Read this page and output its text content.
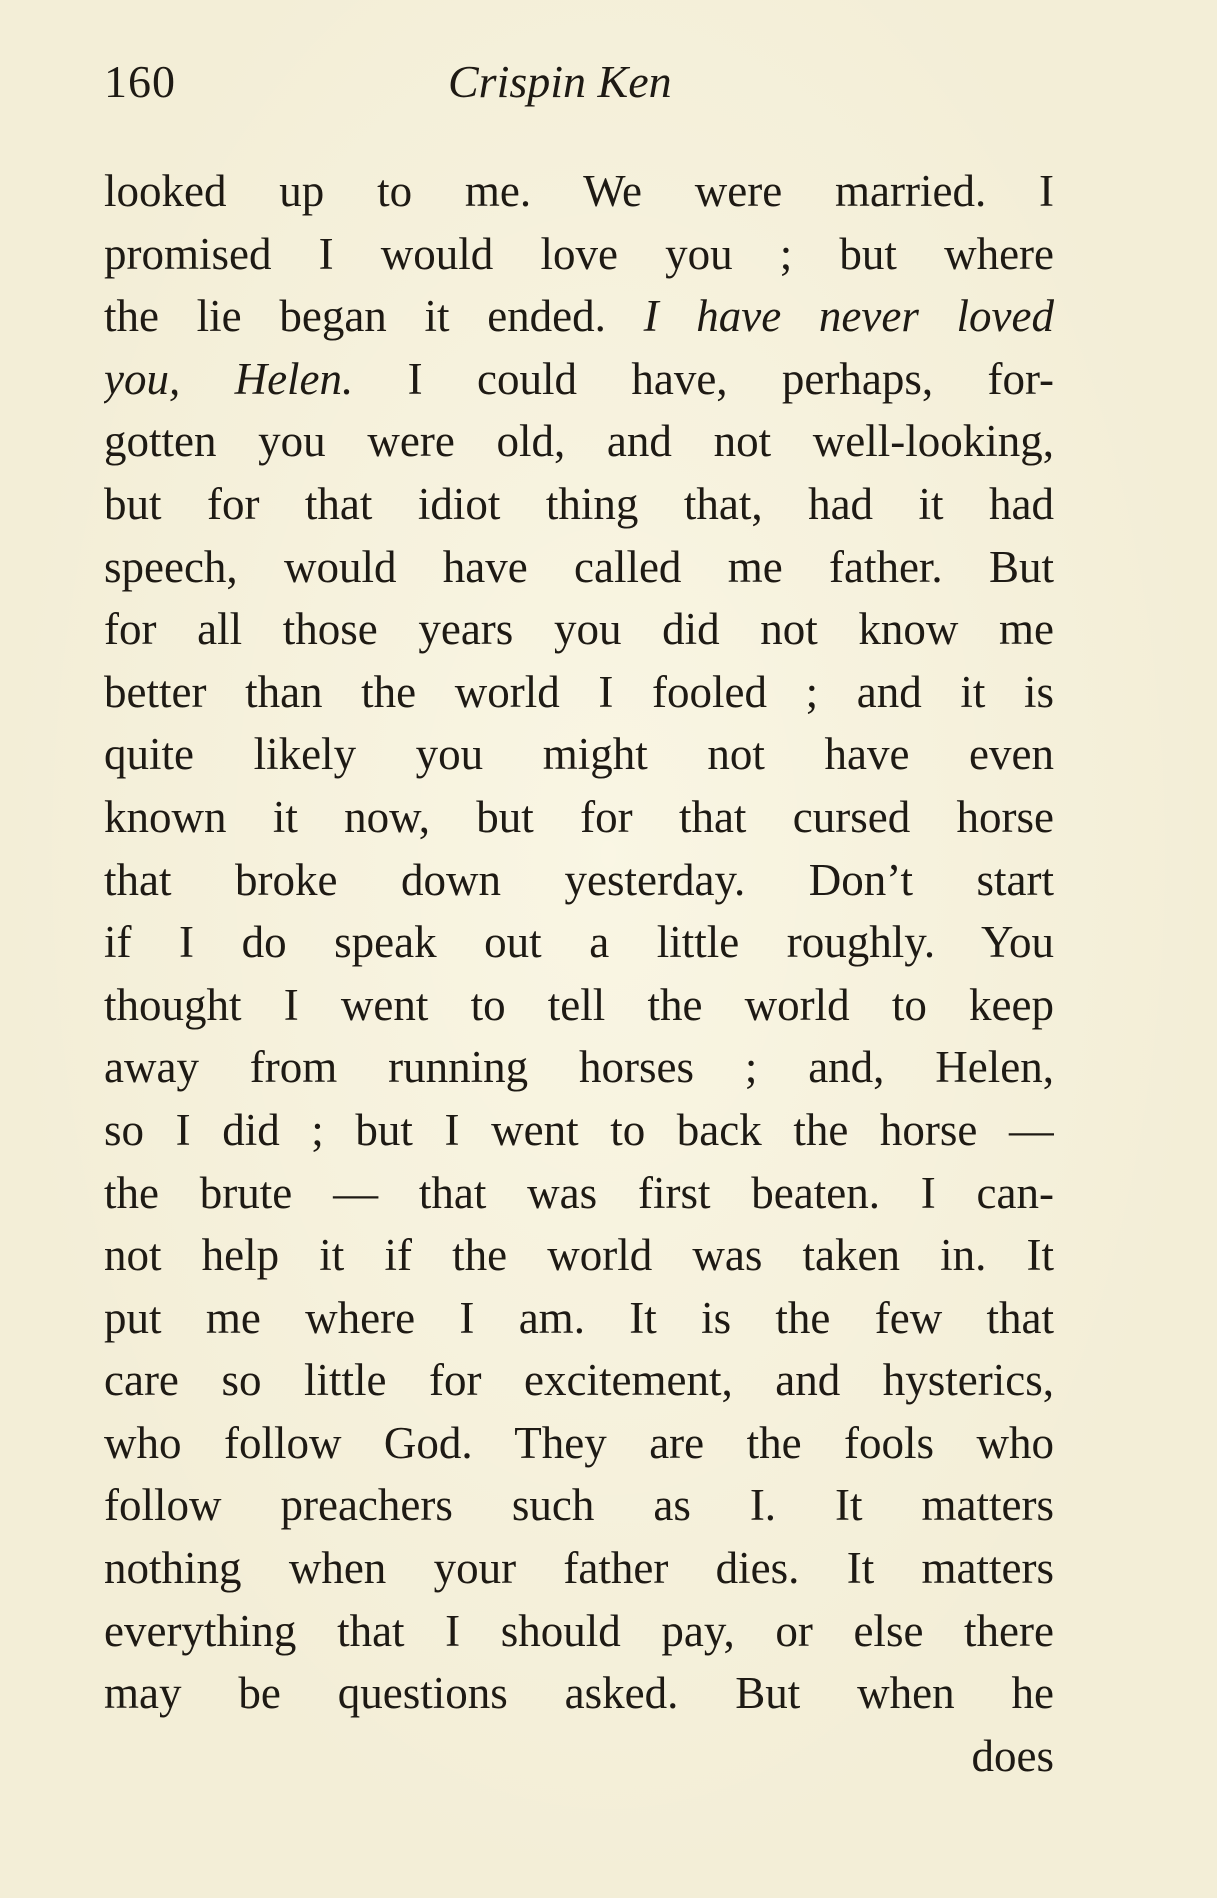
160	Crispin Ken
looked up to me. We were married. I
promised I would love you ; but where
the lie began it ended. I have never loved
you, Helen. I could have, perhaps, for-
gotten you were old, and not well-looking,
but for that idiot thing that, had it had
speech, would have called me father. But
for all those years you did not know me
better than the world I fooled ; and it is
quite likely you might not have even
known it now, but for that cursed horse
that broke down yesterday. Don’t start
if I do speak out a little roughly. You
thought I went to tell the world to keep
away from running horses ; and, Helen,
so I did ; but I went to back the horse —
the brute — that was first beaten. I can-
not help it if the world was taken in. It
put me where I am. It is the few that
care so little for excitement, and hysterics,
who follow God. They are the fools who
follow preachers such as I. It matters
nothing when your father dies. It matters
everything that I should pay, or else there
may be questions asked. But when he
does
